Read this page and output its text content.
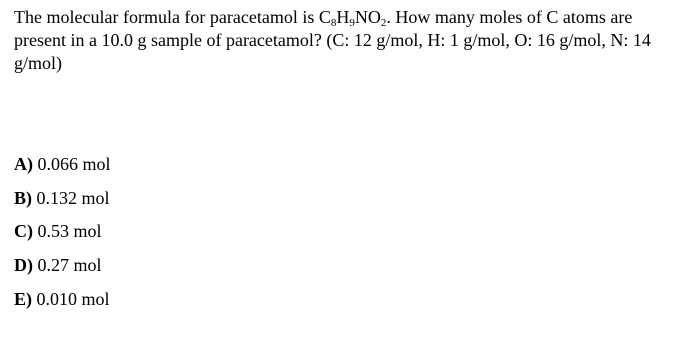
The molecular formula for paracetamol is $C_8H_9NO_2$. How many moles of C atoms are present in a 10.0 g sample of paracetamol? (C: 12 g/mol, H: 1 g/mol, O: 16 g/mol, N: 14 g/mol)
A) 0.066 mol
B) 0.132 mol
C) 0.53 mol
D) 0.27 mol
E) 0.010 mol
